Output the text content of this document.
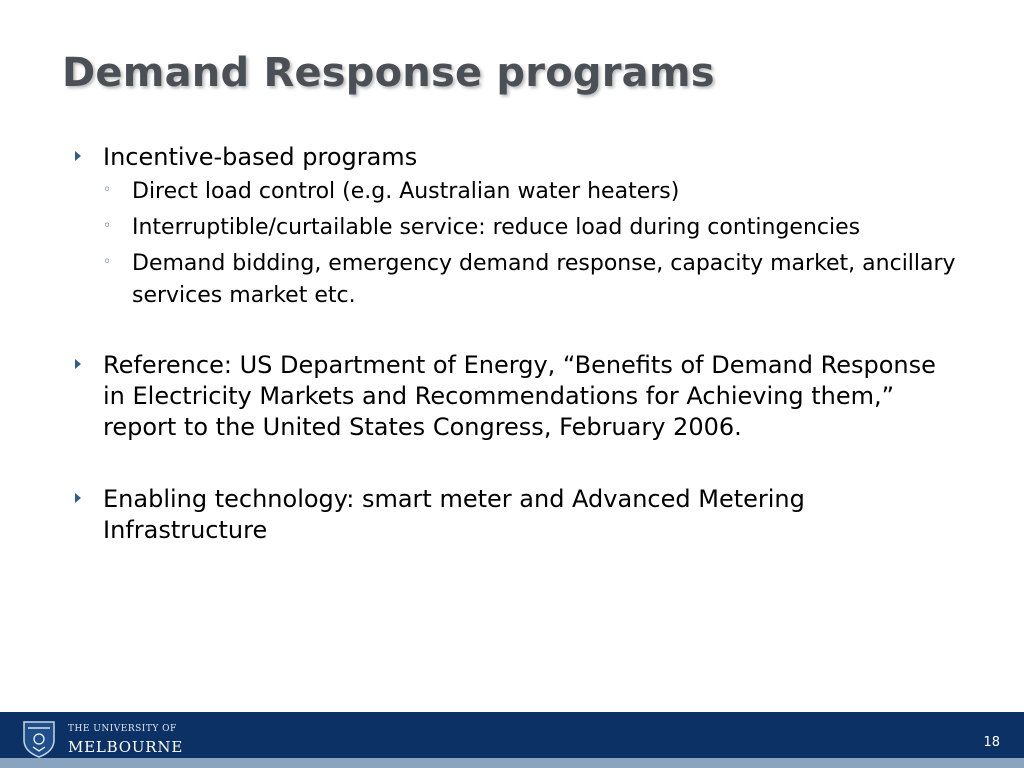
Demand Response programs
Incentive-based programs
◦ Direct load control (e.g. Australian water heaters)
◦ Interruptible/curtailable service: reduce load during contingencies
◦ Demand bidding, emergency demand response, capacity market, ancillary services market etc.
Reference: US Department of Energy, “Benefits of Demand Response in Electricity Markets and Recommendations for Achieving them,” report to the United States Congress, February 2006.
Enabling technology: smart meter and Advanced Metering Infrastructure
THE UNIVERSITY OF
MELBOURNE	18
